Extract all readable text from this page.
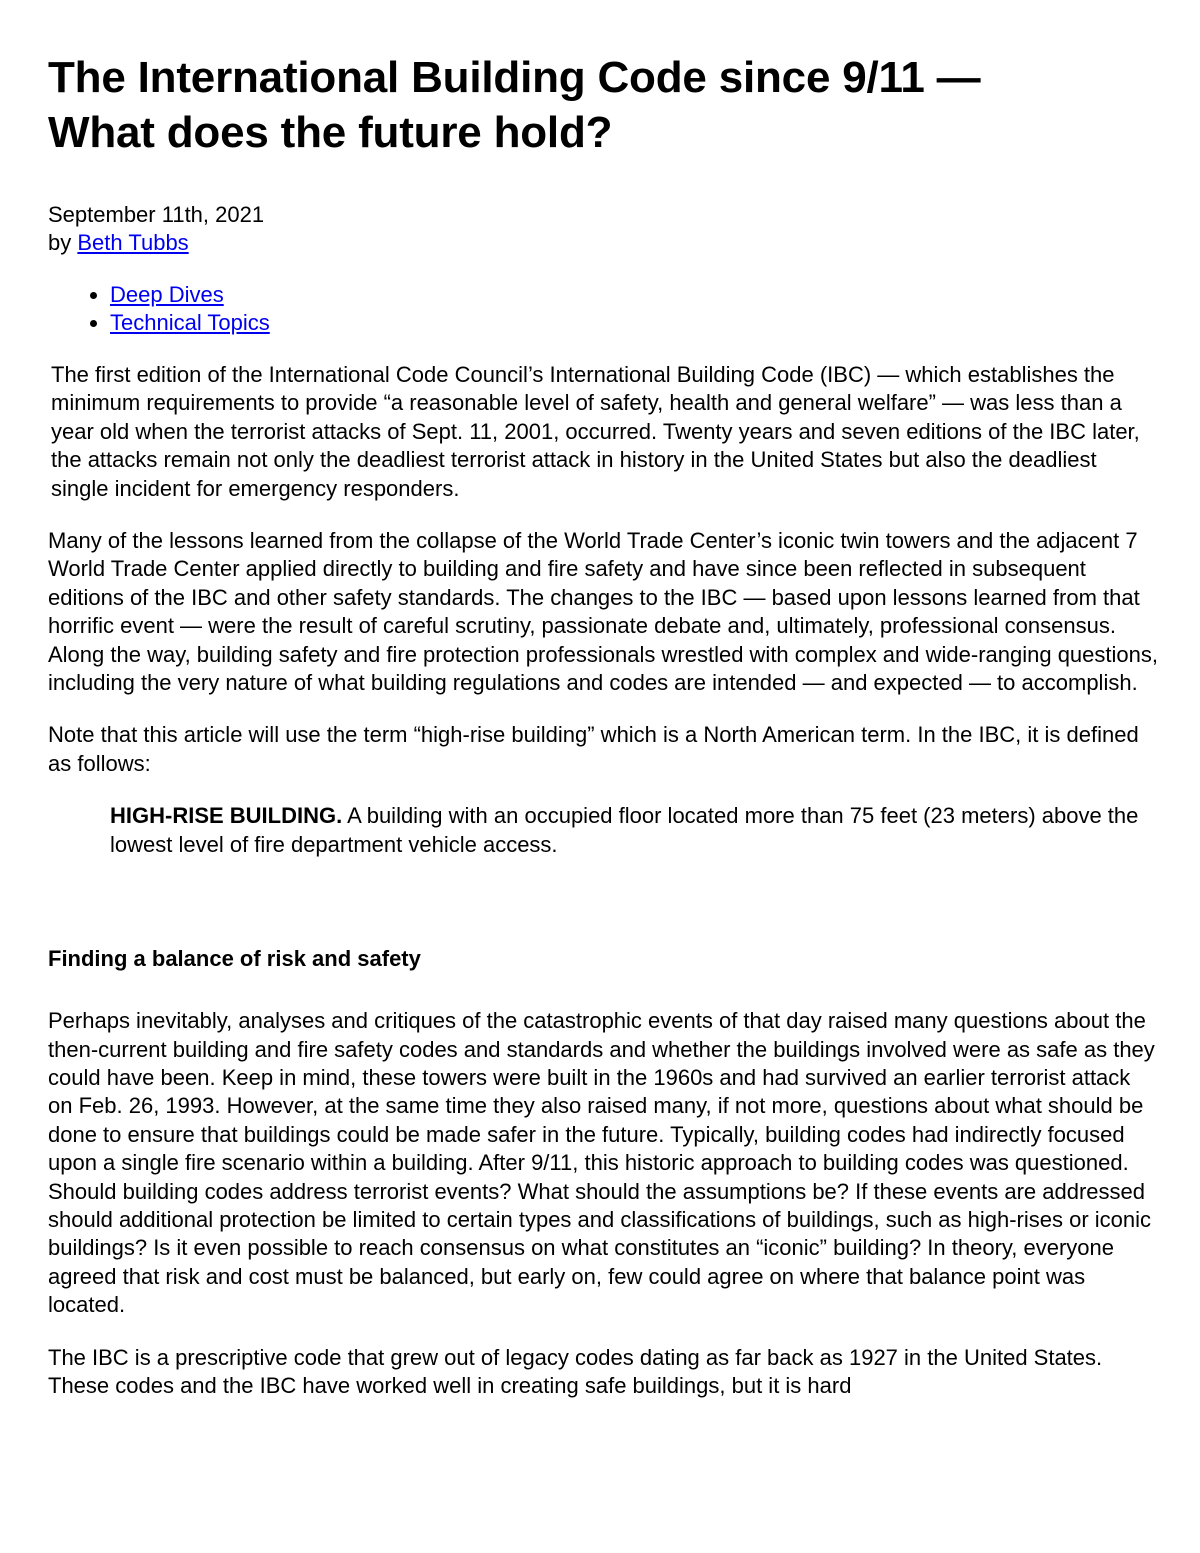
The International Building Code since 9/11 —
What does the future hold?
September 11th, 2021
by Beth Tubbs
• Deep Dives
• Technical Topics

The first edition of the International Code Council’s International Building Code (IBC) — which establishes the minimum requirements to provide “a reasonable level of safety, health and general welfare” — was less than a year old when the terrorist attacks of Sept. 11, 2001, occurred. Twenty years and seven editions of the IBC later, the attacks remain not only the deadliest terrorist attack in history in the United States but also the deadliest single incident for emergency responders.

Many of the lessons learned from the collapse of the World Trade Center’s iconic twin towers and the adjacent 7 World Trade Center applied directly to building and fire safety and have since been reflected in subsequent editions of the IBC and other safety standards. The changes to the IBC — based upon lessons learned from that horrific event — were the result of careful scrutiny, passionate debate and, ultimately, professional consensus. Along the way, building safety and fire protection professionals wrestled with complex and wide-ranging questions, including the very nature of what building regulations and codes are intended — and expected — to accomplish.

Note that this article will use the term “high-rise building” which is a North American term. In the IBC, it is defined as follows:

HIGH-RISE BUILDING. A building with an occupied floor located more than 75 feet (23 meters) above the lowest level of fire department vehicle access.
Finding a balance of risk and safety

Perhaps inevitably, analyses and critiques of the catastrophic events of that day raised many questions about the then-current building and fire safety codes and standards and whether the buildings involved were as safe as they could have been. Keep in mind, these towers were built in the 1960s and had survived an earlier terrorist attack on Feb. 26, 1993. However, at the same time they also raised many, if not more, questions about what should be done to ensure that buildings could be made safer in the future. Typically, building codes had indirectly focused upon a single fire scenario within a building. After 9/11, this historic approach to building codes was questioned. Should building codes address terrorist events? What should the assumptions be? If these events are addressed should additional protection be limited to certain types and classifications of buildings, such as high-rises or iconic buildings? Is it even possible to reach consensus on what constitutes an “iconic” building? In theory, everyone agreed that risk and cost must be balanced, but early on, few could agree on where that balance point was located.

The IBC is a prescriptive code that grew out of legacy codes dating as far back as 1927 in the United States. These codes and the IBC have worked well in creating safe buildings, but it is hard
